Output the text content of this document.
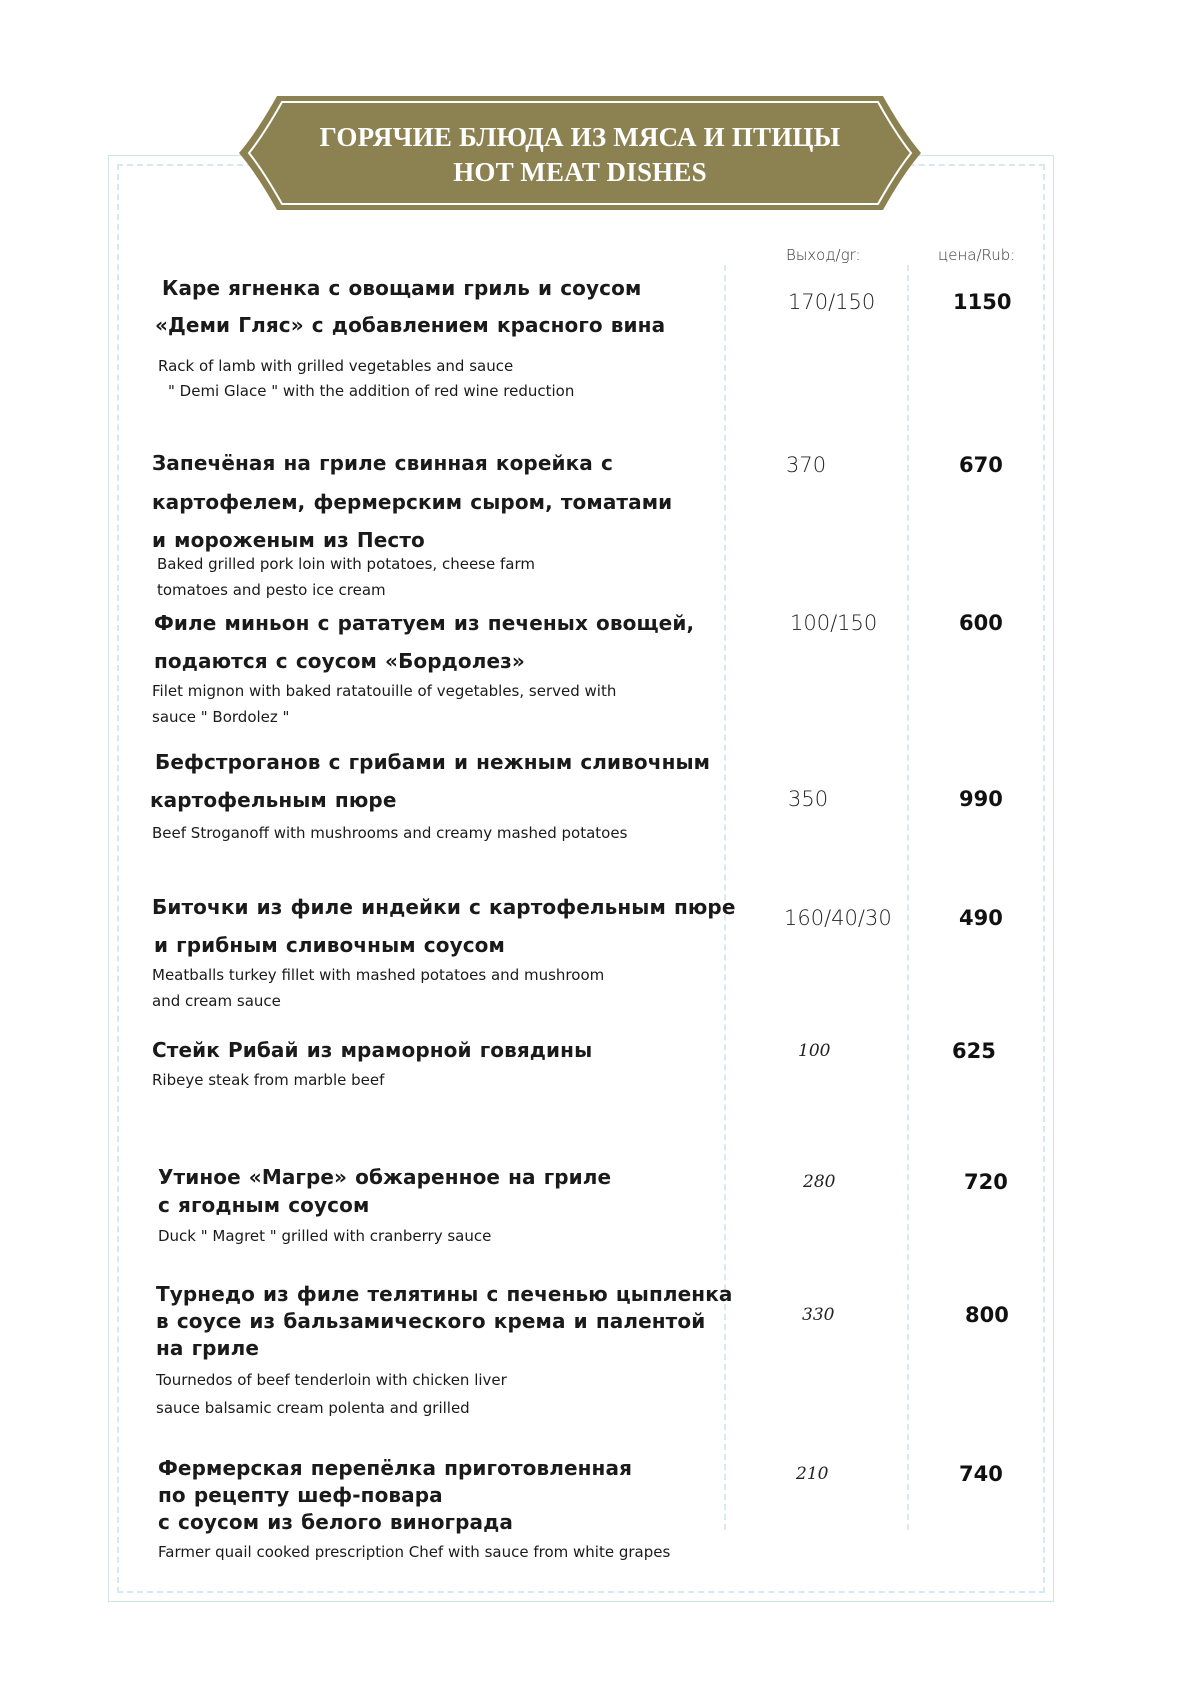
ГОРЯЧИЕ БЛЮДА ИЗ МЯСА И ПТИЦЫ
HOT MEAT DISHES
Выход/gr:	цена/Rub:
Каре ягненка с овощами гриль и соусом
«Деми Гляс» с добавлением красного вина
Rack of lamb with grilled vegetables and sauce
" Demi Glace " with the addition of red wine reduction
170/150	1150
Запечёная на гриле свинная корейка с
картофелем, фермерским сыром, томатами
и мороженым из Песто
Baked grilled pork loin with potatoes, cheese farm
tomatoes and pesto ice cream
370	670
Филе миньон с рататуем из печеных овощей,
подаются с соусом «Бордолез»
Filet mignon with baked ratatouille of vegetables, served with
sauce " Bordolez "
100/150	600
Бефстроганов с грибами и нежным сливочным
картофельным пюре
Beef Stroganoff with mushrooms and creamy mashed potatoes
350	990
Биточки из филе индейки с картофельным пюре
и грибным сливочным соусом
Meatballs turkey fillet with mashed potatoes and mushroom
and cream sauce
160/40/30	490
Стейк Рибай из мраморной говядины
Ribeye steak from marble beef
100	625
Утиное «Магре» обжаренное на гриле
с ягодным соусом
Duck " Magret " grilled with cranberry sauce
280	720
Турнедо из филе телятины с печенью цыпленка
в соусе из бальзамического крема и палентой
на гриле
Tournedos of beef tenderloin with chicken liver
sauce balsamic cream polenta and grilled
330	800
Фермерская перепёлка приготовленная
по рецепту шеф-повара
с соусом из белого винограда
Farmer quail cooked prescription Chef with sauce from white grapes
210	740
